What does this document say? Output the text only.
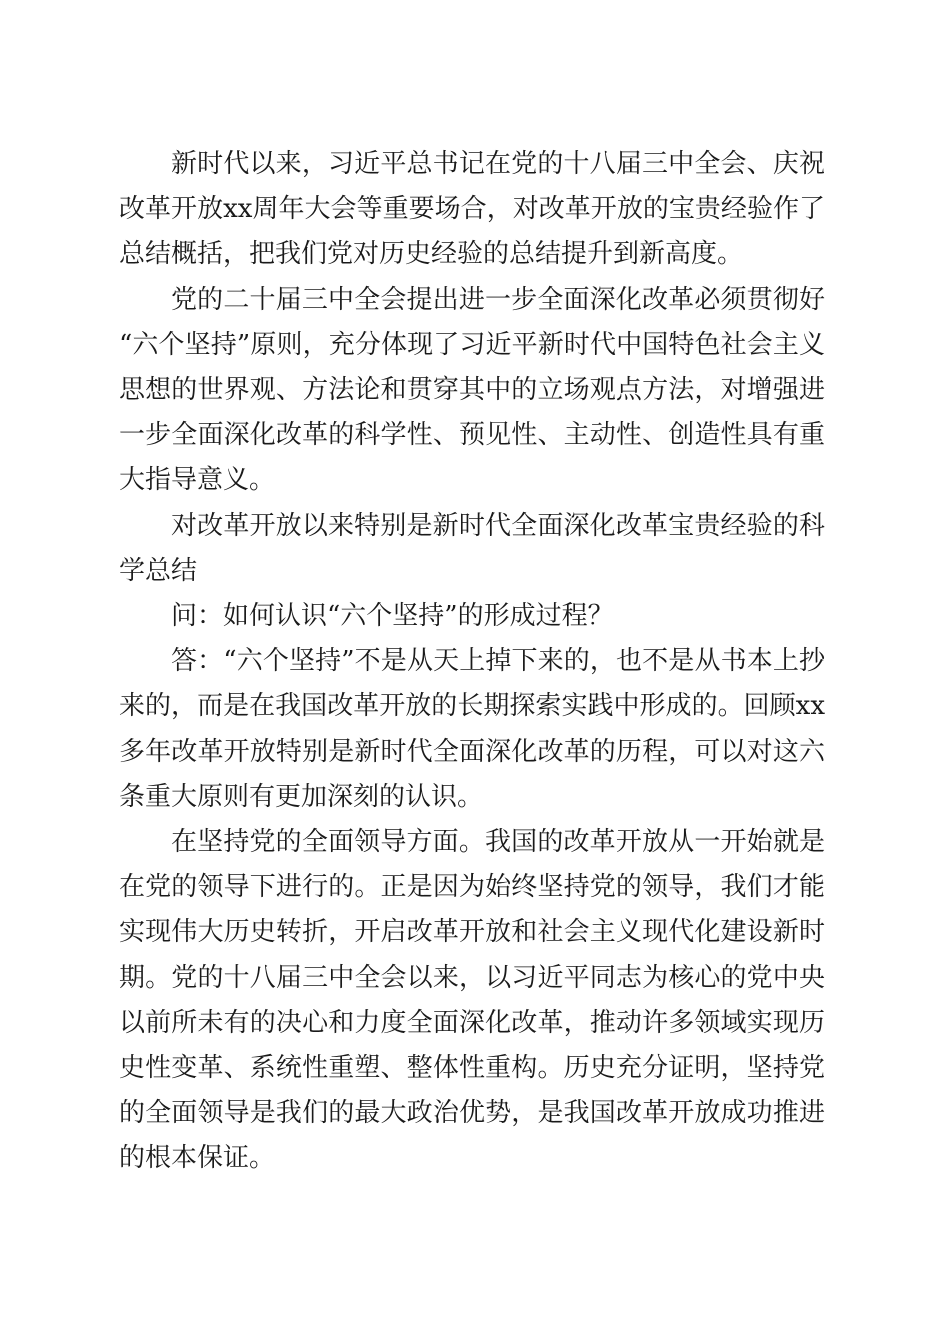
新时代以来，习近平总书记在党的十八届三中全会、庆祝改革开放xx周年大会等重要场合，对改革开放的宝贵经验作了总结概括，把我们党对历史经验的总结提升到新高度。

党的二十届三中全会提出进一步全面深化改革必须贯彻好“六个坚持”原则，充分体现了习近平新时代中国特色社会主义思想的世界观、方法论和贯穿其中的立场观点方法，对增强进一步全面深化改革的科学性、预见性、主动性、创造性具有重大指导意义。

对改革开放以来特别是新时代全面深化改革宝贵经验的科学总结

问：如何认识“六个坚持”的形成过程？

答：“六个坚持”不是从天上掉下来的，也不是从书本上抄来的，而是在我国改革开放的长期探索实践中形成的。回顾xx多年改革开放特别是新时代全面深化改革的历程，可以对这六条重大原则有更加深刻的认识。

在坚持党的全面领导方面。我国的改革开放从一开始就是在党的领导下进行的。正是因为始终坚持党的领导，我们才能实现伟大历史转折，开启改革开放和社会主义现代化建设新时期。党的十八届三中全会以来，以习近平同志为核心的党中央以前所未有的决心和力度全面深化改革，推动许多领域实现历史性变革、系统性重塑、整体性重构。历史充分证明，坚持党的全面领导是我们的最大政治优势，是我国改革开放成功推进的根本保证。
